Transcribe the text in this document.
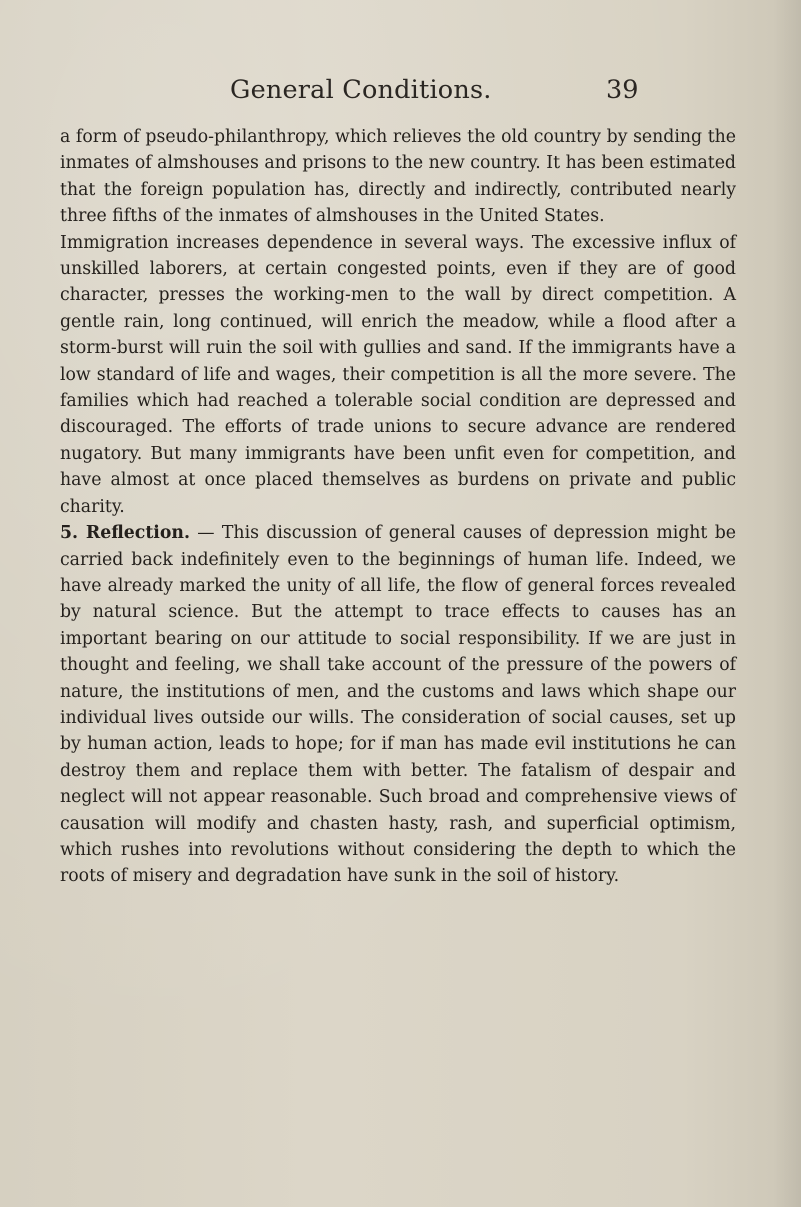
General Conditions.	39

a form of pseudo-philanthropy, which relieves the old country by sending the inmates of almshouses and prisons to the new country. It has been estimated that the foreign population has, directly and indirectly, contributed nearly three fifths of the inmates of almshouses in the United States.

Immigration increases dependence in several ways. The excessive influx of unskilled laborers, at certain congested points, even if they are of good character, presses the working-men to the wall by direct competition. A gentle rain, long continued, will enrich the meadow, while a flood after a storm-burst will ruin the soil with gullies and sand. If the immigrants have a low standard of life and wages, their competition is all the more severe. The families which had reached a tolerable social condition are depressed and discouraged. The efforts of trade unions to secure advance are rendered nugatory. But many immigrants have been unfit even for competition, and have almost at once placed themselves as burdens on private and public charity.

5. Reflection. — This discussion of general causes of depression might be carried back indefinitely even to the beginnings of human life. Indeed, we have already marked the unity of all life, the flow of general forces revealed by natural science. But the attempt to trace effects to causes has an important bearing on our attitude to social responsibility. If we are just in thought and feeling, we shall take account of the pressure of the powers of nature, the institutions of men, and the customs and laws which shape our individual lives outside our wills. The consideration of social causes, set up by human action, leads to hope; for if man has made evil institutions he can destroy them and replace them with better. The fatalism of despair and neglect will not appear reasonable. Such broad and comprehensive views of causation will modify and chasten hasty, rash, and superficial optimism, which rushes into revolutions without considering the depth to which the roots of misery and degradation have sunk in the soil of history.
